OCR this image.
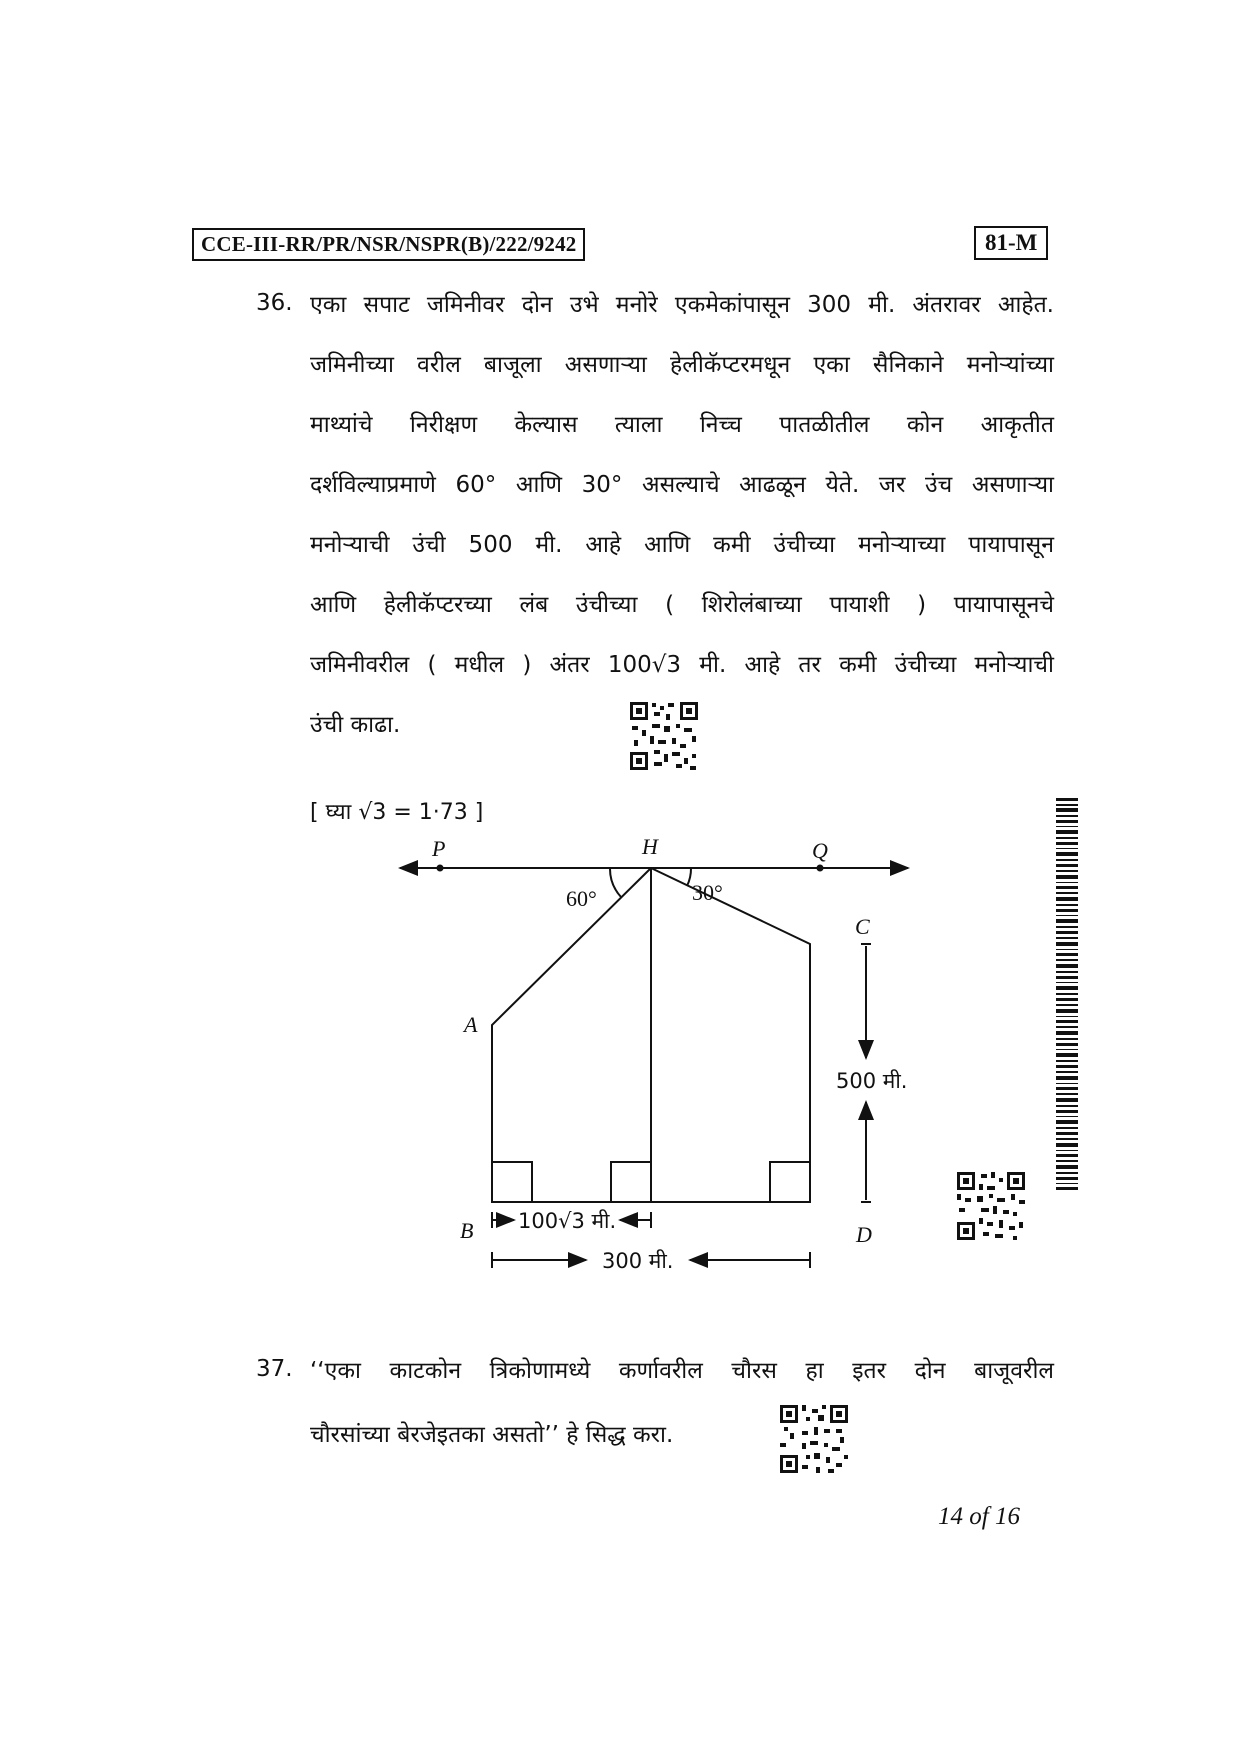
CCE-III-RR/PR/NSR/NSPR(B)/222/9242	81-M
36. एका सपाट जमिनीवर दोन उभे मनोरे एकमेकांपासून 300 मी. अंतरावर आहेत.
जमिनीच्या वरील बाजूला असणाऱ्या हेलीकॅप्टरमधून एका सैनिकाने मनोऱ्यांच्या
माथ्यांचे निरीक्षण केल्यास त्याला निच्च पातळीतील कोन आकृतीत
दर्शविल्याप्रमाणे 60° आणि 30° असल्याचे आढळून येते. जर उंच असणाऱ्या
मनोऱ्याची उंची 500 मी. आहे आणि कमी उंचीच्या मनोऱ्याच्या पायापासून
आणि हेलीकॅप्टरच्या लंब उंचीच्या ( शिरोलंबाच्या पायाशी ) पायापासूनचे
जमिनीवरील ( मधील ) अंतर 100√3 मी. आहे तर कमी उंचीच्या मनोऱ्याची
उंची काढा.
[ घ्या √3 = 1·73 ]
P	H	Q
A
B
C
D
60°	30°
500 मी.
100√3 मी.
300 मी.
37. ‘‘एका काटकोन त्रिकोणामध्ये कर्णावरील चौरस हा इतर दोन बाजूवरील
चौरसांच्या बेरजेइतका असतो’’ हे सिद्ध करा.
14 of 16
